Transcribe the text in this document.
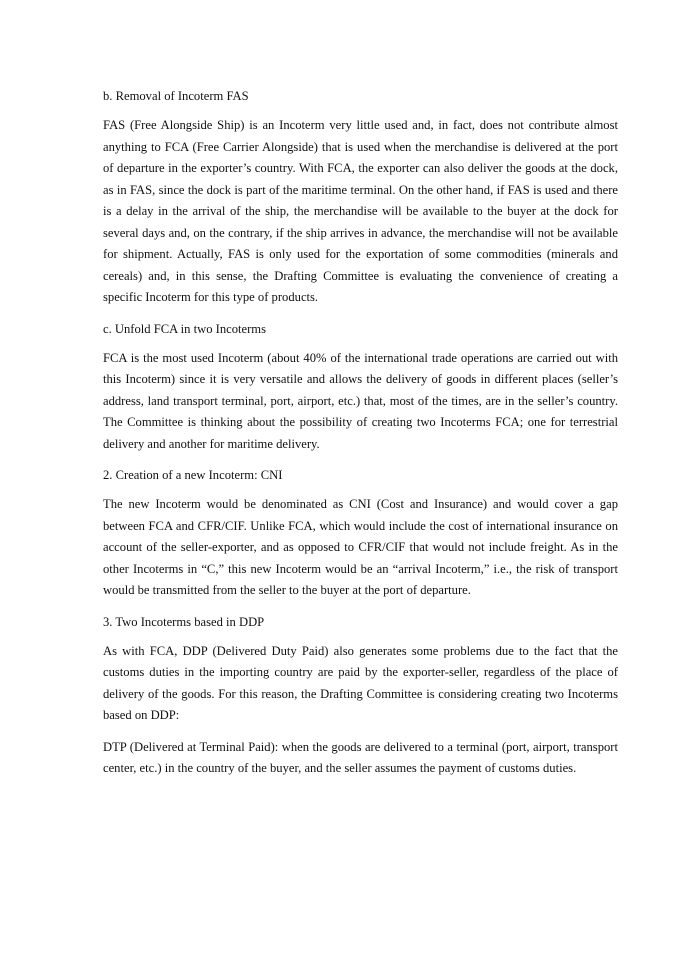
b. Removal of Incoterm FAS

FAS (Free Alongside Ship) is an Incoterm very little used and, in fact, does not contribute almost anything to FCA (Free Carrier Alongside) that is used when the merchandise is delivered at the port of departure in the exporter’s country. With FCA, the exporter can also deliver the goods at the dock, as in FAS, since the dock is part of the maritime terminal. On the other hand, if FAS is used and there is a delay in the arrival of the ship, the merchandise will be available to the buyer at the dock for several days and, on the contrary, if the ship arrives in advance, the merchandise will not be available for shipment. Actually, FAS is only used for the exportation of some commodities (minerals and cereals) and, in this sense, the Drafting Committee is evaluating the convenience of creating a specific Incoterm for this type of products.

c. Unfold FCA in two Incoterms

FCA is the most used Incoterm (about 40% of the international trade operations are carried out with this Incoterm) since it is very versatile and allows the delivery of goods in different places (seller’s address, land transport terminal, port, airport, etc.) that, most of the times, are in the seller’s country. The Committee is thinking about the possibility of creating two Incoterms FCA; one for terrestrial delivery and another for maritime delivery.

2. Creation of a new Incoterm: CNI

The new Incoterm would be denominated as CNI (Cost and Insurance) and would cover a gap between FCA and CFR/CIF. Unlike FCA, which would include the cost of international insurance on account of the seller-exporter, and as opposed to CFR/CIF that would not include freight. As in the other Incoterms in “C,” this new Incoterm would be an “arrival Incoterm,” i.e., the risk of transport would be transmitted from the seller to the buyer at the port of departure.

3. Two Incoterms based in DDP

As with FCA, DDP (Delivered Duty Paid) also generates some problems due to the fact that the customs duties in the importing country are paid by the exporter-seller, regardless of the place of delivery of the goods. For this reason, the Drafting Committee is considering creating two Incoterms based on DDP:

DTP (Delivered at Terminal Paid): when the goods are delivered to a terminal (port, airport, transport center, etc.) in the country of the buyer, and the seller assumes the payment of customs duties.
